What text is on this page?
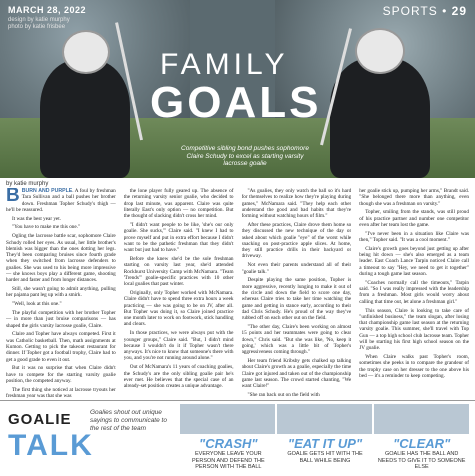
MARCH 28, 2022
design by katie murphy
photo by katie frisbee
SPORTS • 29
FAMILY
GOALS
Competitive sibling bond pushes sophomore Claire Schudy to excel as starting varsity lacrosse goalie
by katie murphy

BBURN AND PURPLE. A foul by freshman Tara Sullivan and a ball pushes her brother down. Freshman Topher Schudy's thigh — he'll be reassured.

It was the best year yet.

"You have to make me this one."

Ogling the lacrosse battle scar, sophomore Claire Schudy rolled her eyes. As usual, her little brother's blemish was bigger than the ones dotting her legs. They'd been comparing bruises since fourth grade when they switched from lacrosse defenders to goalies. She was used to his being more impressive — she knows boys play a different game, shooting harder and faster and from longer distances.

Still, she wasn't going to admit anything, pulling her pajama pant leg up with a smirk.

"Well, look at this one."

The playful competition with her brother Topher — in more than just bruise comparisons — has shaped the girls varsity lacrosse goalie, Claire.

Claire and Topher have always competed. First it was Catholic basketball. Then, math assignments at Kumon. Getting to pick the takeout restaurant for dinner. If Topher got a football trophy, Claire had to get a good grade to even it out.

But it was no surprise that when Claire didn't have to compete for the starting varsity goalie position, the competed anyway.

The first thing she noticed at lacrosse tryouts her freshman year was that she was

the lone player fully geared up. The absence of the returning varsity senior goalie, who decided to drop last minute, was apparent. Claire was quite literally East's only option — no competition. But the thought of slacking didn't cross her mind.

"I didn't want people to be like, 'she's our only goalie. She sucks,'" Claire said. "I knew I had to prove myself and put in extra effort because I didn't want to be the pathetic freshman that they didn't want but just had to have."

Before she knew she'd be the sole freshman starting on varsity last year, she'd attended Rockhurst University Camp with McNamara. "Team 'Trends'" goalie-specific practices with 10 other local goalies that past winter.

Originally, only Topher worked with McNamara. Claire didn't have to spend three extra hours a week practicing — she was going to be on JV, after all. But Topher was doing it, so Claire joined practice one month later to work on footwork, stick handling and clears.

In those practices, we were always put with the younger groups," Claire said. "But, I didn't mind because I wouldn't do it if Topher wasn't there anyways. It's nice to know that someone's there with you, and you're not running around alone."

Out of McNamara's 11 years of coaching goalies, the Schudy's are the only sibling goalie pair he's ever met. He believes that the special case of an already-set position creates a unique advantage.

"As goalies, they only watch the ball so it's hard for themselves to realize how they're playing during games," McNamara said. "They help each other understand the good and bad habits that they're forming without watching hours of film."

After these practices, Claire drove them home so they discussed the new technique of the day or asked about which goalie "eye" of the worst while snacking on post-practice apple slices. At home, they still practice drills in their backyard or driveway.

Not even their parents understand all of their "goalie talk."

Despite playing the same position, Topher is more aggressive, recently lunging to make it out of the circle and down the field to score one day, whereas Claire tries to take her time watching the game and getting in stance early, according to their dad Chris Schudy. He's proud of the way they've rubbed off on each other out on the field.

"The other day, Claire's been working on almost 15 points and her teammates were going to clear down," Chris said. "But she was like, 'No, keep it going,' which was a little bit of Topher's aggressiveness coming through."

Her team friend Kribsby gets chalked up talking about Claire's growth as a goalie, especially the time Claire got injured and taken out of the championship game last season. The crowd started chanting, "We want Claire!"

"She ran back out on the field with

her goalie stick up, pumping her arms," Brandt said. "She belonged there more than anything, even though she was a freshman on varsity."

Topher, smiling from the stands, was still proud of his practice partner and number one competitor even after her team lost the game.

"I've never been in a situation like Claire was then," Topher said. "It was a cool moment."

Claire's growth goes beyond just getting up after being hit down — she's also emerged as a team leader. East Coach Lance Tarpin noticed Claire call a timeout to say "Hey, we need to get it together" during a tough game last season.

"Coaches normally call the timeouts," Tarpin said. "So I was really impressed with the leadership from a freshman. Most girls would worry about calling that time out, let alone a freshman girl."

This season, Claire is looking to take care of "unfinished business," the team slogan, after losing that championship game last season at the returning varsity goalie. This summer, she'll travel with Top Gun — a top high school club lacrosse team. Topher will be starting his first high school season on the JV goalie.

When Claire walks past Topher's room, sometimes she peeks in to compare the grandeur of the trophy case on her dresser to the one above his bed — it's a reminder to keep competing.

GOALIE
TALK
Goalies shout out unique sayings to communicate to the rest of the team
"CRASH"
EVERYONE LEAVE YOUR PERSON AND DEFEND THE PERSON WITH THE BALL
"EAT IT UP"
GOALIE GETS HIT WITH THE BALL WHILE BEING
"CLEAR"
GOALIE HAS THE BALL AND NEEDS TO GIVE IT TO SOMEONE ELSE
